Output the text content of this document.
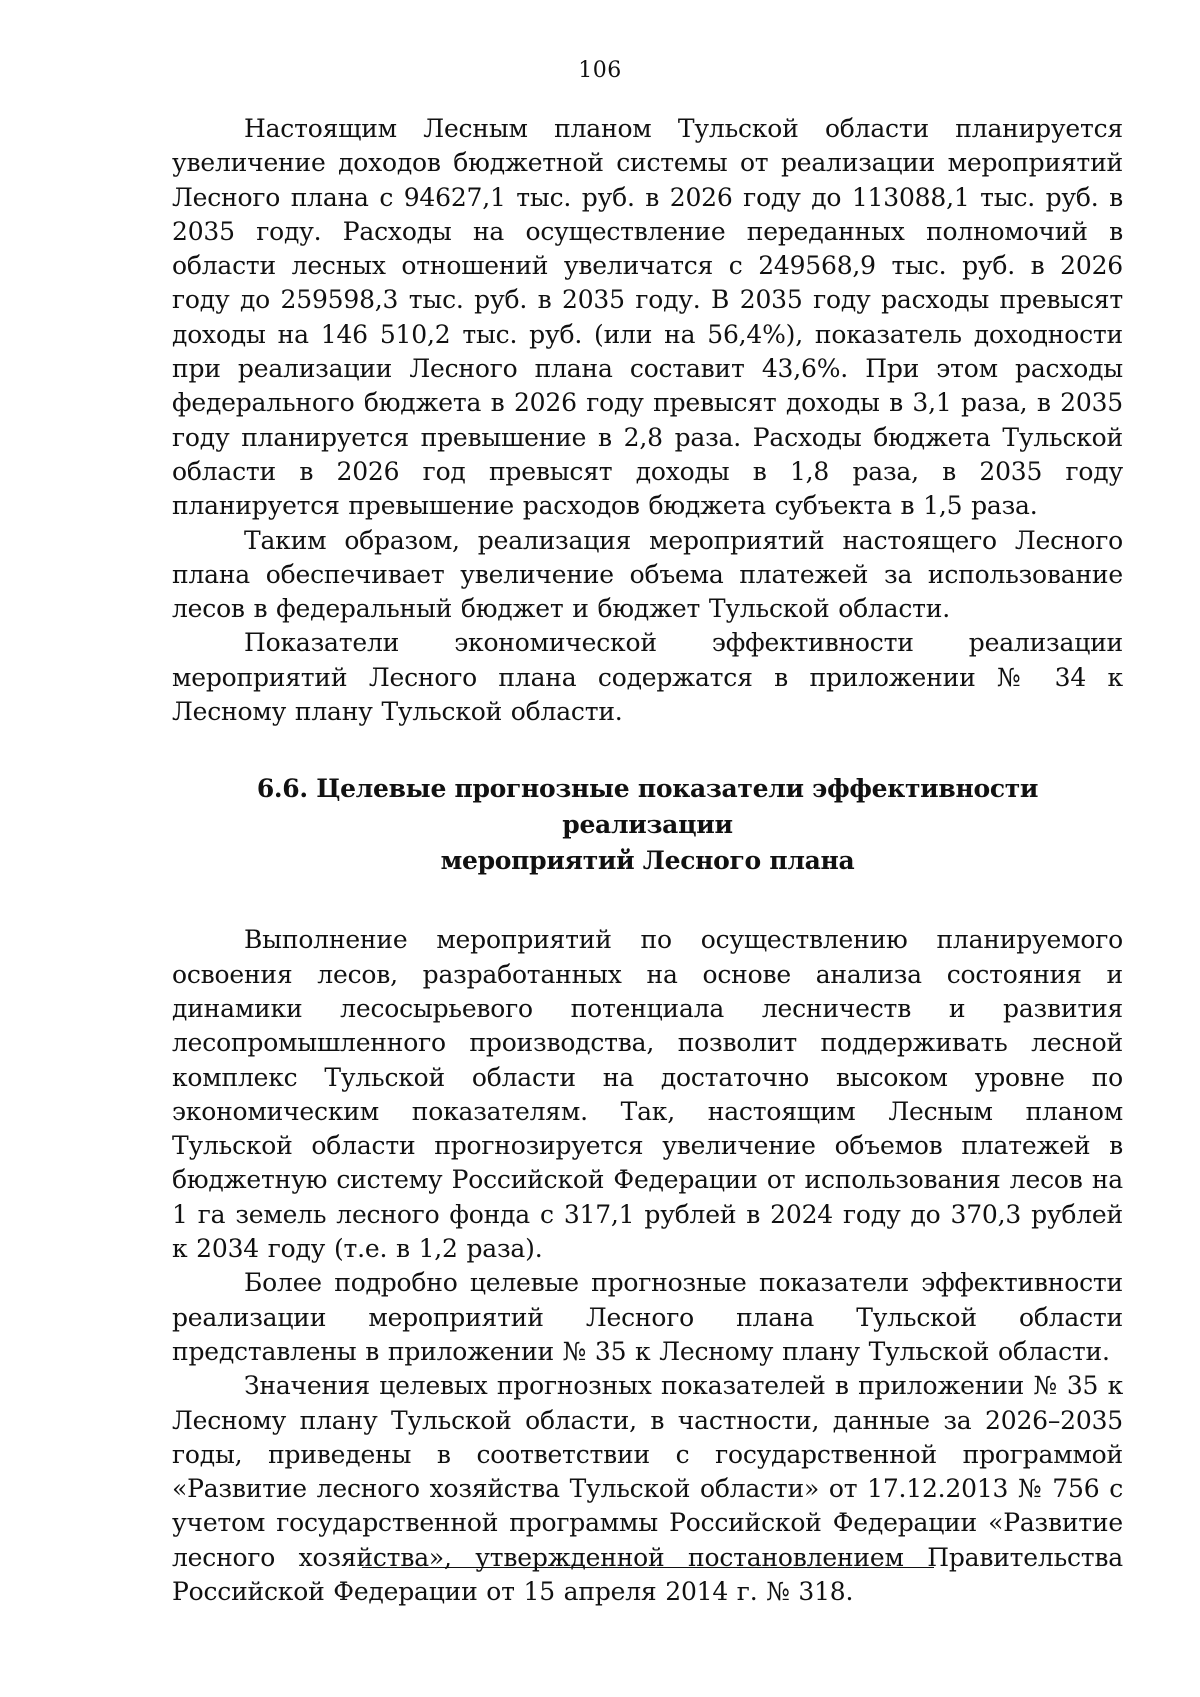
106

Настоящим Лесным планом Тульской области планируется увеличение доходов бюджетной системы от реализации мероприятий Лесного плана с 94627,1 тыс. руб. в 2026 году до 113088,1 тыс. руб. в 2035 году. Расходы на осуществление переданных полномочий в области лесных отношений увеличатся с 249568,9 тыс. руб. в 2026 году до 259598,3 тыс. руб. в 2035 году. В 2035 году расходы превысят доходы на 146 510,2 тыс. руб. (или на 56,4%), показатель доходности при реализации Лесного плана составит 43,6%. При этом расходы федерального бюджета в 2026 году превысят доходы в 3,1 раза, в 2035 году планируется превышение в 2,8 раза. Расходы бюджета Тульской области в 2026 год превысят доходы в 1,8 раза, в 2035 году планируется превышение расходов бюджета субъекта в 1,5 раза.

Таким образом, реализация мероприятий настоящего Лесного плана обеспечивает увеличение объема платежей за использование лесов в федеральный бюджет и бюджет Тульской области.

Показатели экономической эффективности реализации мероприятий Лесного плана содержатся в приложении № 34 к Лесному плану Тульской области.

6.6. Целевые прогнозные показатели эффективности реализации
мероприятий Лесного плана

Выполнение мероприятий по осуществлению планируемого освоения лесов, разработанных на основе анализа состояния и динамики лесосырьевого потенциала лесничеств и развития лесопромышленного производства, позволит поддерживать лесной комплекс Тульской области на достаточно высоком уровне по экономическим показателям. Так, настоящим Лесным планом Тульской области прогнозируется увеличение объемов платежей в бюджетную систему Российской Федерации от использования лесов на 1 га земель лесного фонда с 317,1 рублей в 2024 году до 370,3 рублей к 2034 году (т.е. в 1,2 раза).

Более подробно целевые прогнозные показатели эффективности реализации мероприятий Лесного плана Тульской области представлены в приложении № 35 к Лесному плану Тульской области.

Значения целевых прогнозных показателей в приложении № 35 к Лесному плану Тульской области, в частности, данные за 2026–2035 годы, приведены в соответствии с государственной программой «Развитие лесного хозяйства Тульской области» от 17.12.2013 № 756 с учетом государственной программы Российской Федерации «Развитие лесного хозяйства», утвержденной постановлением Правительства Российской Федерации от 15 апреля 2014 г. № 318.
